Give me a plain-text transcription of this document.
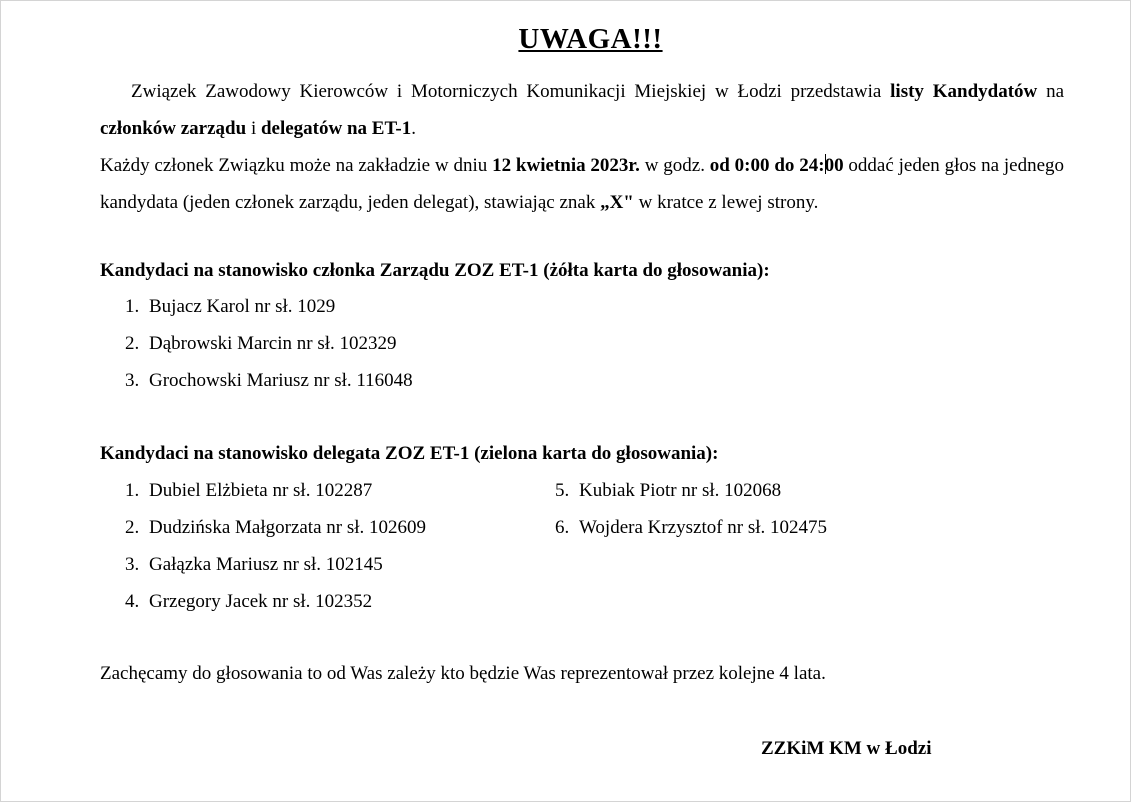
UWAGA!!!

Związek Zawodowy Kierowców i Motorniczych Komunikacji Miejskiej w Łodzi przedstawia listy Kandydatów na członków zarządu i delegatów na ET-1.

Każdy członek Związku może na zakładzie w dniu 12 kwietnia 2023r. w godz. od 0:00 do 24:00 oddać jeden głos na jednego kandydata (jeden członek zarządu, jeden delegat), stawiając znak „X" w kratce z lewej strony.

Kandydaci na stanowisko członka Zarządu ZOZ ET-1 (żółta karta do głosowania):
1. Bujacz Karol nr sł. 1029
2. Dąbrowski Marcin nr sł. 102329
3. Grochowski Mariusz nr sł. 116048
Kandydaci na stanowisko delegata ZOZ ET-1 (zielona karta do głosowania):
1. Dubiel Elżbieta nr sł. 102287
2. Dudzińska Małgorzata nr sł. 102609
3. Gałązka Mariusz nr sł. 102145
4. Grzegory Jacek nr sł. 102352
5. Kubiak Piotr nr sł. 102068
6. Wojdera Krzysztof nr sł. 102475
Zachęcamy do głosowania to od Was zależy kto będzie Was reprezentował przez kolejne 4 lata.
ZZKiM KM w Łodzi
